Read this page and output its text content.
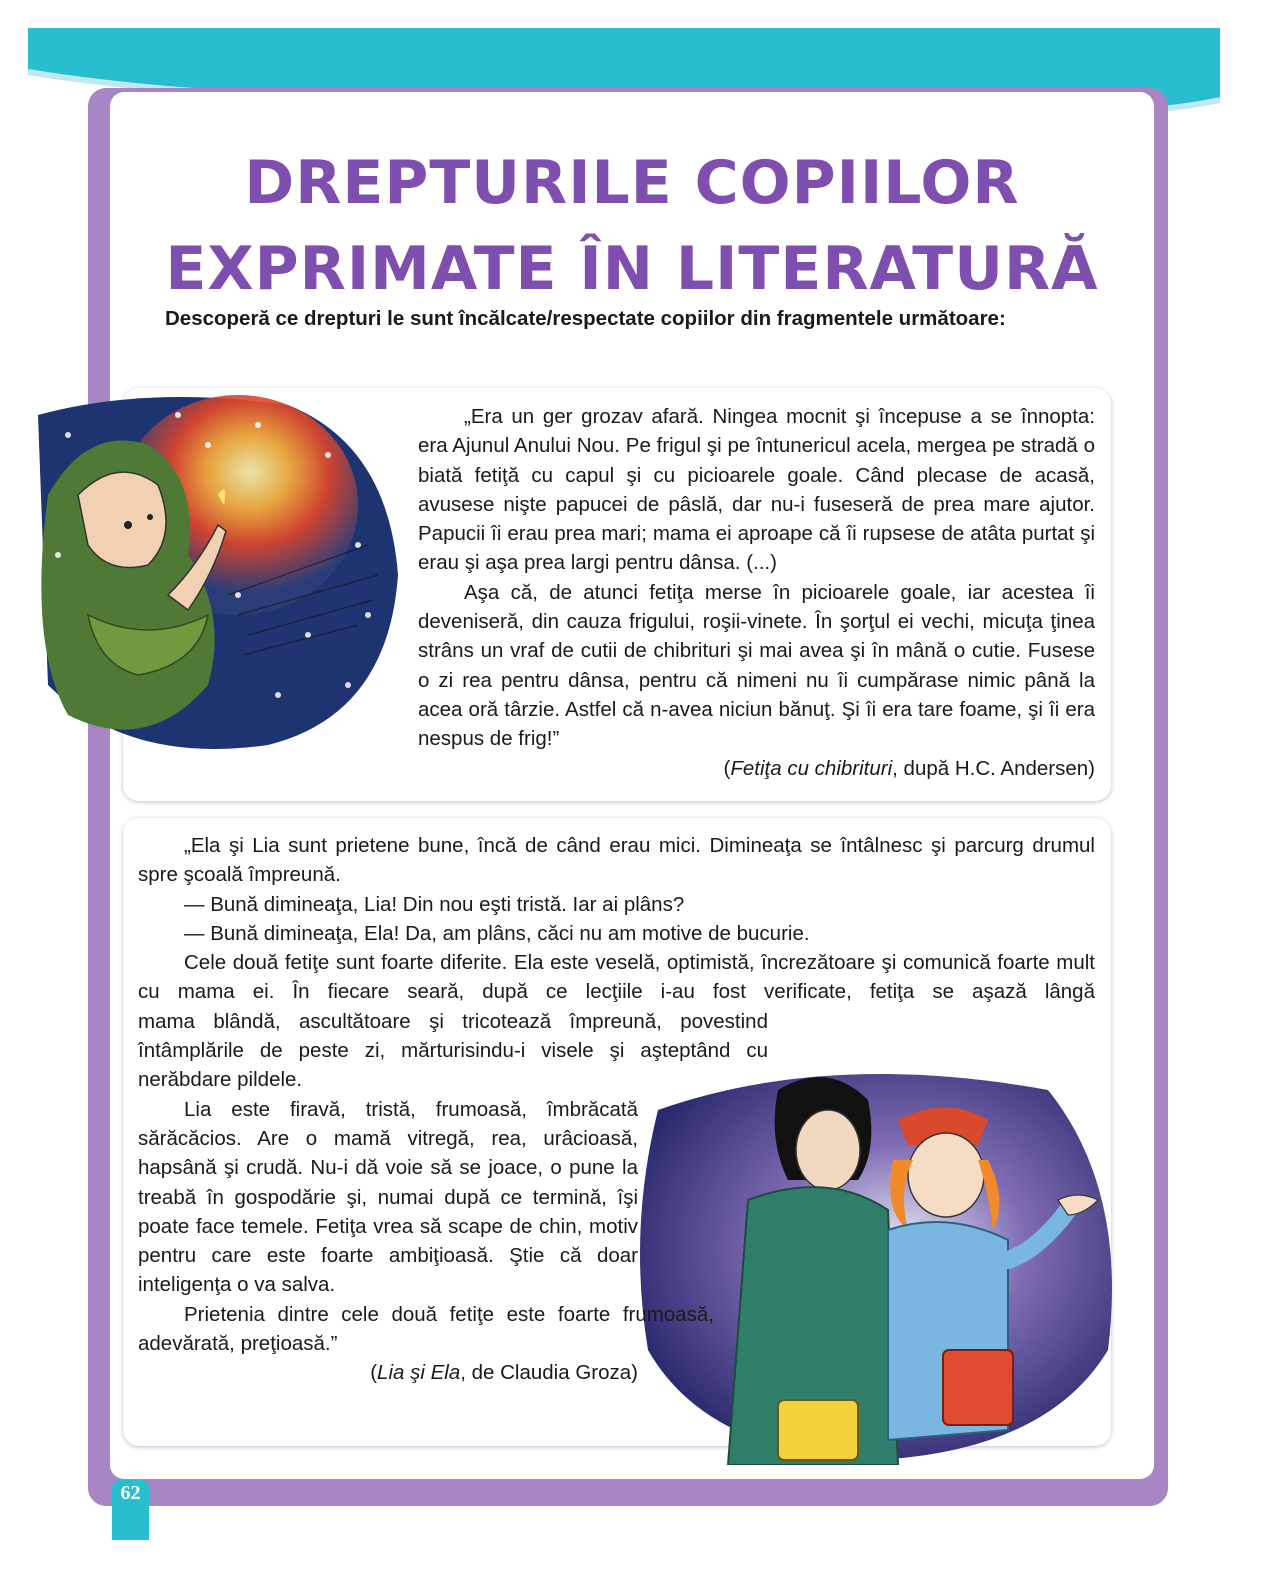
DREPTURILE COPIILOR
EXPRIMATE ÎN LITERATURĂ
Descoperă ce drepturi le sunt încălcate/respectate copiilor din fragmentele următoare:

„Era un ger grozav afară. Ningea mocnit şi începuse a se înnopta: era Ajunul Anului Nou. Pe frigul şi pe întunericul acela, mergea pe stradă o biată fetiţă cu capul şi cu picioarele goale. Când plecase de acasă, avusese nişte papucei de pâslă, dar nu-i fuseseră de prea mare ajutor. Papucii îi erau prea mari; mama ei aproape că îi rupsese de atâta purtat şi erau şi aşa prea largi pentru dânsa. (...)

Aşa că, de atunci fetiţa merse în picioarele goale, iar acestea îi deveniseră, din cauza frigului, roşii-vinete. În şorţul ei vechi, micuţa ţinea strâns un vraf de cutii de chibrituri şi mai avea şi în mână o cutie. Fusese o zi rea pentru dânsa, pentru că nimeni nu îi cumpărase nimic până la acea oră târzie. Astfel că n-avea niciun bănuţ. Şi îi era tare foame, şi îi era nespus de frig!”

(Fetiţa cu chibrituri, după H.C. Andersen)

„Ela şi Lia sunt prietene bune, încă de când erau mici. Dimineaţa se întâlnesc şi parcurg drumul spre şcoală împreună.

— Bună dimineaţa, Lia! Din nou eşti tristă. Iar ai plâns?

— Bună dimineaţa, Ela! Da, am plâns, căci nu am motive de bucurie.

Cele două fetiţe sunt foarte diferite. Ela este veselă, optimistă, încrezătoare şi comunică foarte mult cu mama ei. În fiecare seară, după ce lecţiile i-au fost verificate, fetiţa se aşază lângă

mama blândă, ascultătoare şi tricotează împreună, povestind întâmplările de peste zi, mărturisindu-i visele şi aşteptând cu nerăbdare pildele.

Lia este firavă, tristă, frumoasă, îmbrăcată sărăcăcios. Are o mamă vitregă, rea, urâcioasă, hapsână şi crudă. Nu-i dă voie să se joace, o pune la treabă în gospodărie şi, numai după ce termină, îşi poate face temele. Fetiţa vrea să scape de chin, motiv pentru care este foarte ambiţioasă. Ştie că doar inteligenţa o va salva.

Prietenia dintre cele două fetiţe este foarte frumoasă, adevărată, preţioasă.”

(Lia şi Ela, de Claudia Groza)

62
